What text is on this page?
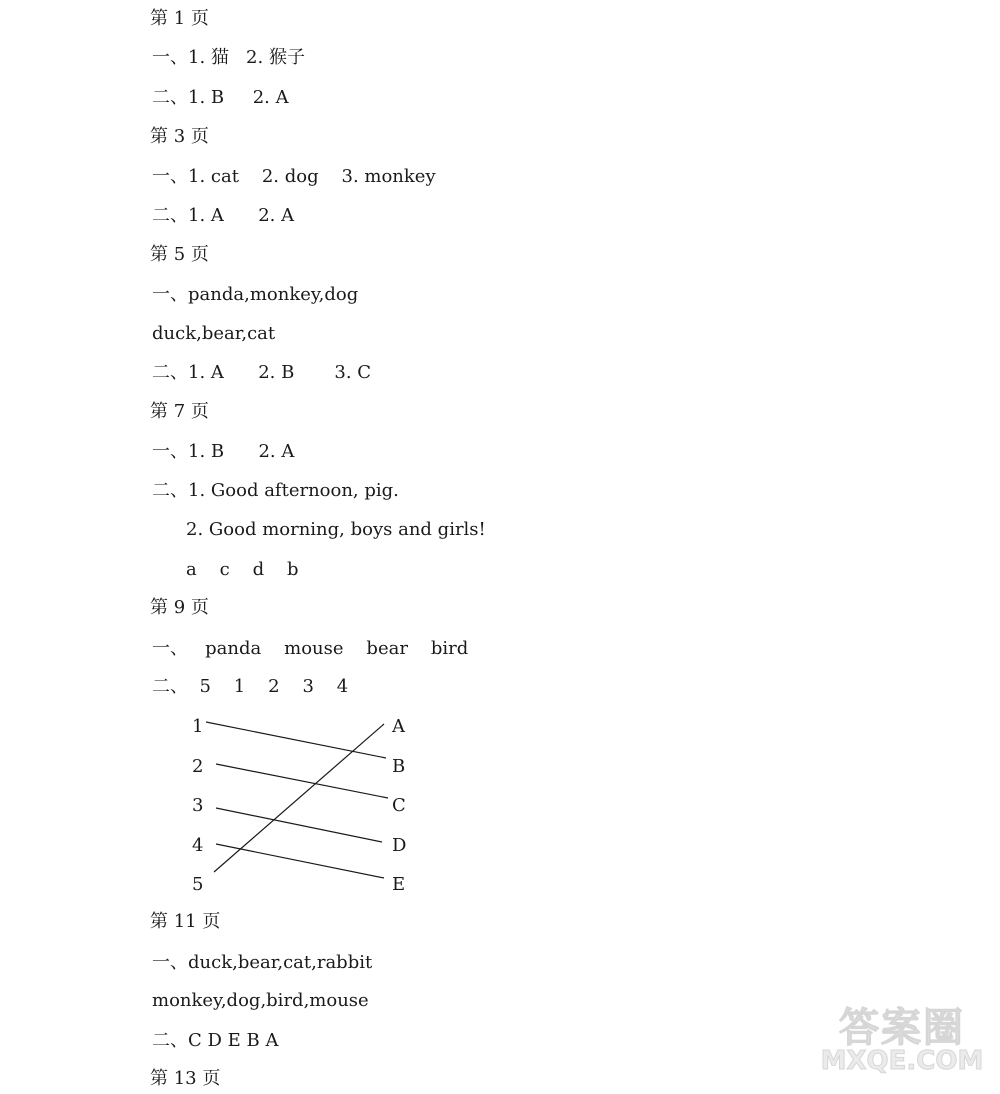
第 1 页
一、1. 猫   2. 猴子
二、1. B     2. A
第 3 页
一、1. cat    2. dog    3. monkey
二、1. A      2. A
第 5 页
一、panda,monkey,dog
duck,bear,cat
二、1. A      2. B       3. C
第 7 页
一、1. B      2. A
二、1. Good afternoon, pig.
2. Good morning, boys and girls!
a    c    d    b
第 9 页
一、   panda    mouse    bear    bird
二、  5    1    2    3    4
1
2
3
4
5
A
B
C
D
E
第 11 页
一、duck,bear,cat,rabbit
monkey,dog,bird,mouse
二、C D E B A
第 13 页
答案圈
MXQE.COM
